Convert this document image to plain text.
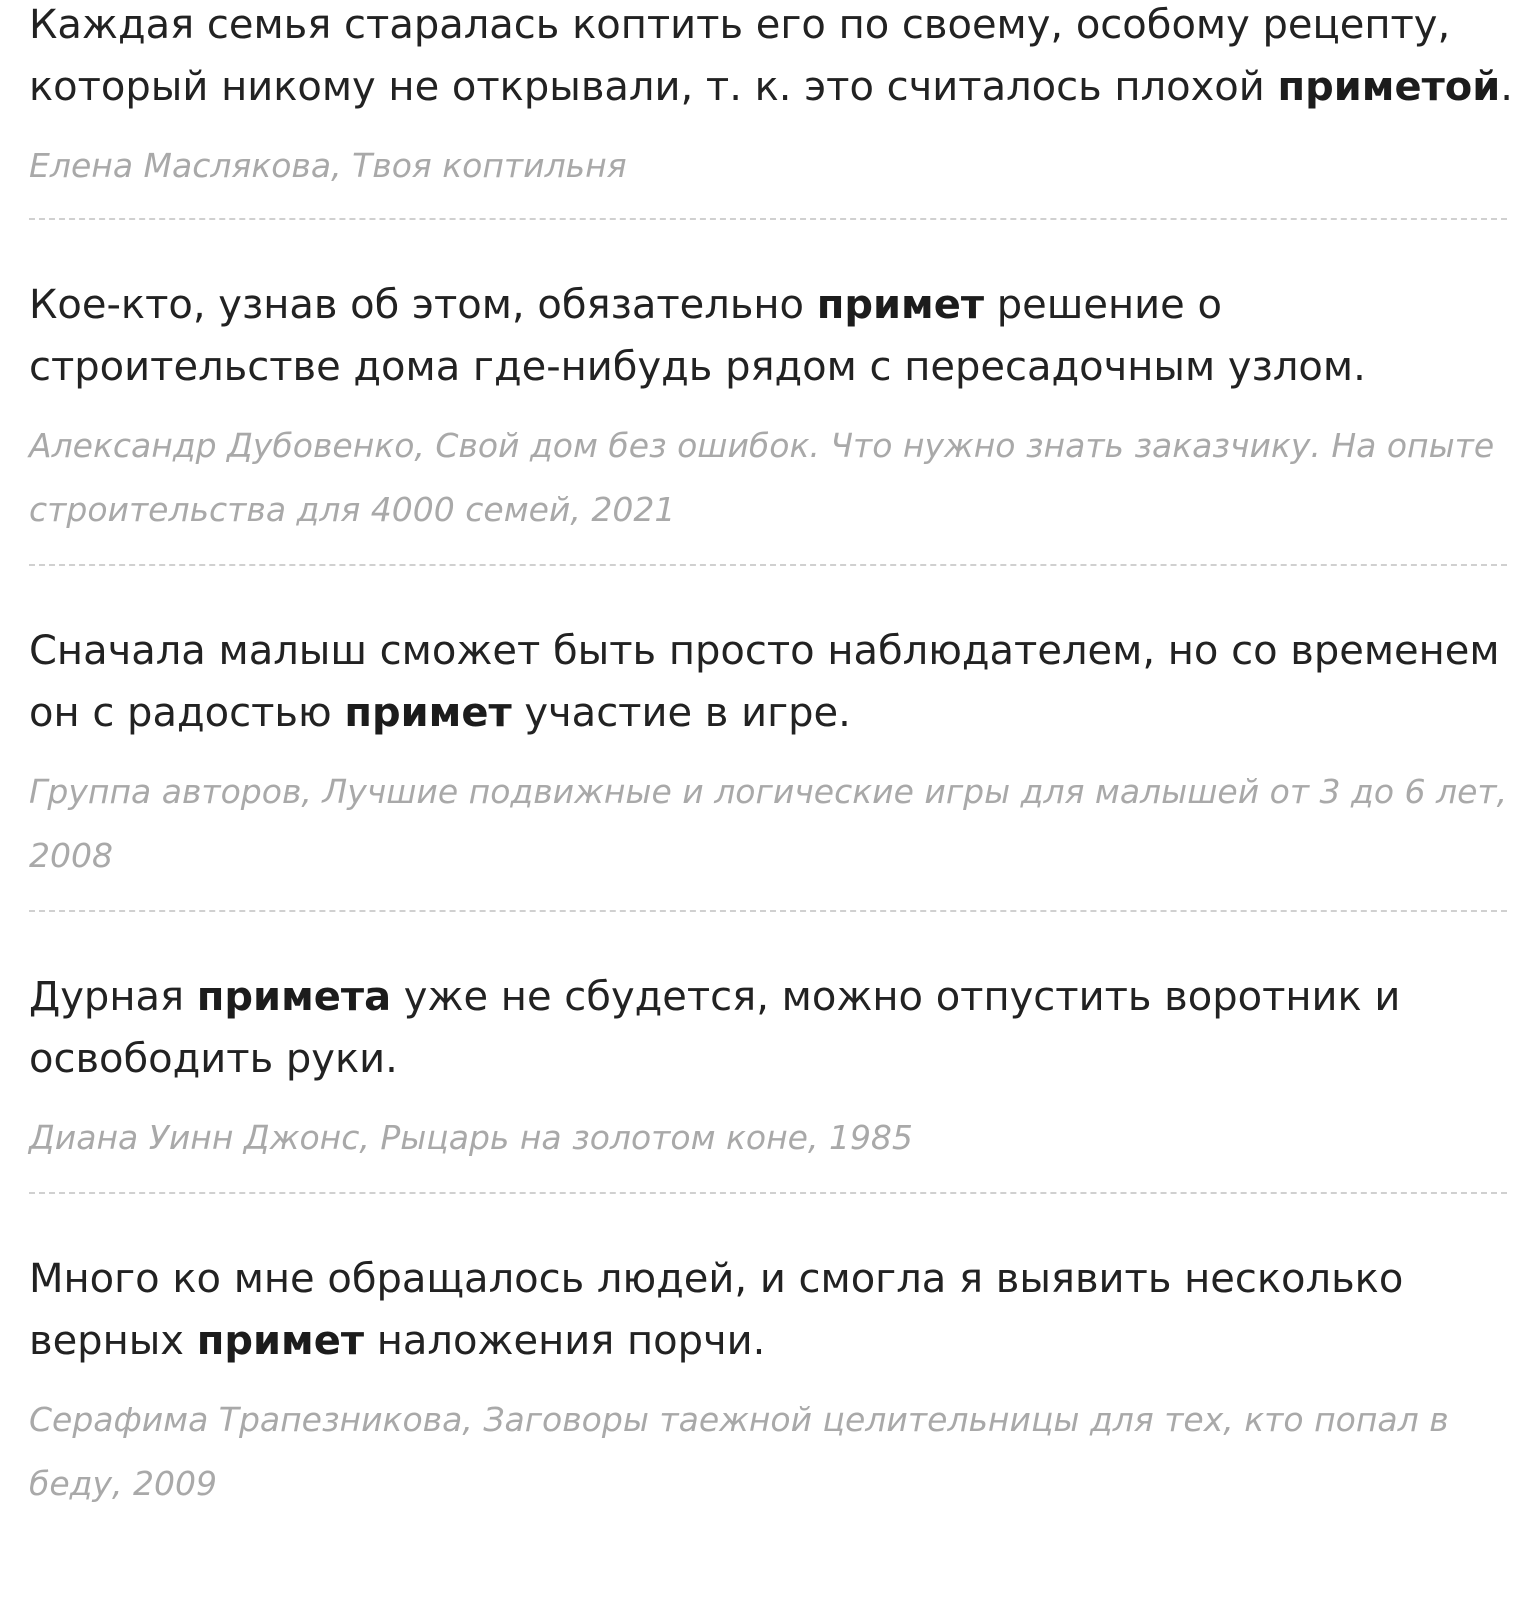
Каждая семья старалась коптить его по своему, особому рецепту, который никому не открывали, т. к. это считалось плохой приметой.

Елена Маслякова, Твоя коптильня

Кое-кто, узнав об этом, обязательно примет решение о строительстве дома где-нибудь рядом с пересадочным узлом.

Александр Дубовенко, Свой дом без ошибок. Что нужно знать заказчику. На опыте строительства для 4000 семей, 2021

Сначала малыш сможет быть просто наблюдателем, но со временем он с радостью примет участие в игре.

Группа авторов, Лучшие подвижные и логические игры для малышей от 3 до 6 лет, 2008

Дурная примета уже не сбудется, можно отпустить воротник и освободить руки.

Диана Уинн Джонс, Рыцарь на золотом коне, 1985

Много ко мне обращалось людей, и смогла я выявить несколько верных примет наложения порчи.

Серафима Трапезникова, Заговоры таежной целительницы для тех, кто попал в беду, 2009
